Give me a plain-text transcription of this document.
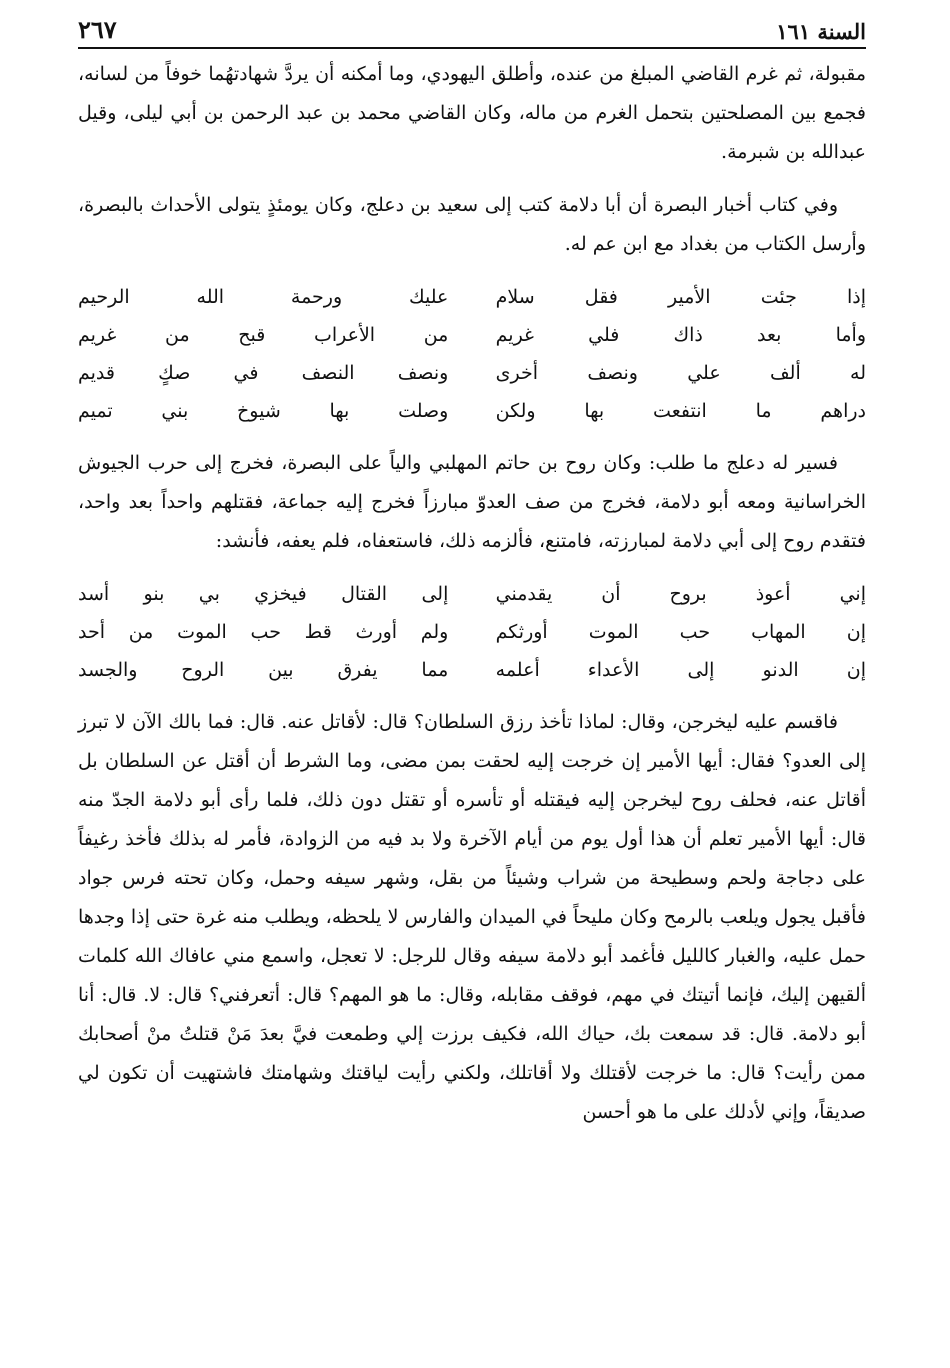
السنة ١٦١
٢٦٧

مقبولة، ثم غرم القاضي المبلغ من عنده، وأطلق اليهودي، وما أمكنه أن يردَّ شهادتهُما خوفاً من لسانه، فجمع بين المصلحتين بتحمل الغرم من ماله، وكان القاضي محمد بن عبد الرحمن بن أبي ليلى، وقيل عبدالله بن شبرمة.

وفي كتاب أخبار البصرة أن أبا دلامة كتب إلى سعيد بن دعلج، وكان يومئذٍ يتولى الأحداث بالبصرة، وأرسل الكتاب من بغداد مع ابن عم له.

إذا جئت الأمير فقل سلام
عليك ورحمة الله الرحيم
وأما بعد ذاك فلي غريم
من الأعراب قبح من غريم
له ألف علي ونصف أخرى
ونصف النصف في صكٍ قديم
دراهم ما انتفعت بها ولكن
وصلت بها شيوخ بني تميم

فسير له دعلج ما طلب: وكان روح بن حاتم المهلبي والياً على البصرة، فخرج إلى حرب الجيوش الخراسانية ومعه أبو دلامة، فخرج من صف العدوّ مبارزاً فخرج إليه جماعة، فقتلهم واحداً بعد واحد، فتقدم روح إلى أبي دلامة لمبارزته، فامتنع، فألزمه ذلك، فاستعفاه، فلم يعفه، فأنشد:

إني أعوذ بروح أن يقدمني
إلى القتال فيخزي بي بنو أسد
إن المهاب حب الموت أورثكم
ولم أورث قط حب الموت من أحد
إن الدنو إلى الأعداء أعلمه
مما يفرق بين الروح والجسد

فاقسم عليه ليخرجن، وقال: لماذا تأخذ رزق السلطان؟ قال: لأقاتل عنه. قال: فما بالك الآن لا تبرز إلى العدو؟ فقال: أيها الأمير إن خرجت إليه لحقت بمن مضى، وما الشرط أن أقتل عن السلطان بل أقاتل عنه، فحلف روح ليخرجن إليه فيقتله أو تأسره أو تقتل دون ذلك، فلما رأى أبو دلامة الجدّ منه قال: أيها الأمير تعلم أن هذا أول يوم من أيام الآخرة ولا بد فيه من الزوادة، فأمر له بذلك فأخذ رغيفاً على دجاجة ولحم وسطيحة من شراب وشيئاً من بقل، وشهر سيفه وحمل، وكان تحته فرس جواد فأقبل يجول ويلعب بالرمح وكان مليحاً في الميدان والفارس لا يلحظه، ويطلب منه غرة حتى إذا وجدها حمل عليه، والغبار كالليل فأغمد أبو دلامة سيفه وقال للرجل: لا تعجل، واسمع مني عافاك الله كلمات ألقيهن إليك، فإنما أتيتك في مهم، فوقف مقابله، وقال: ما هو المهم؟ قال: أتعرفني؟ قال: لا. قال: أنا أبو دلامة. قال: قد سمعت بك، حياك الله، فكيف برزت إلي وطمعت فيَّ بعدَ مَنْ قتلتُ منْ أصحابك ممن رأيت؟ قال: ما خرجت لأقتلك ولا أقاتلك، ولكني رأيت لياقتك وشهامتك فاشتهيت أن تكون لي صديقاً، وإني لأدلك على ما هو أحسن
